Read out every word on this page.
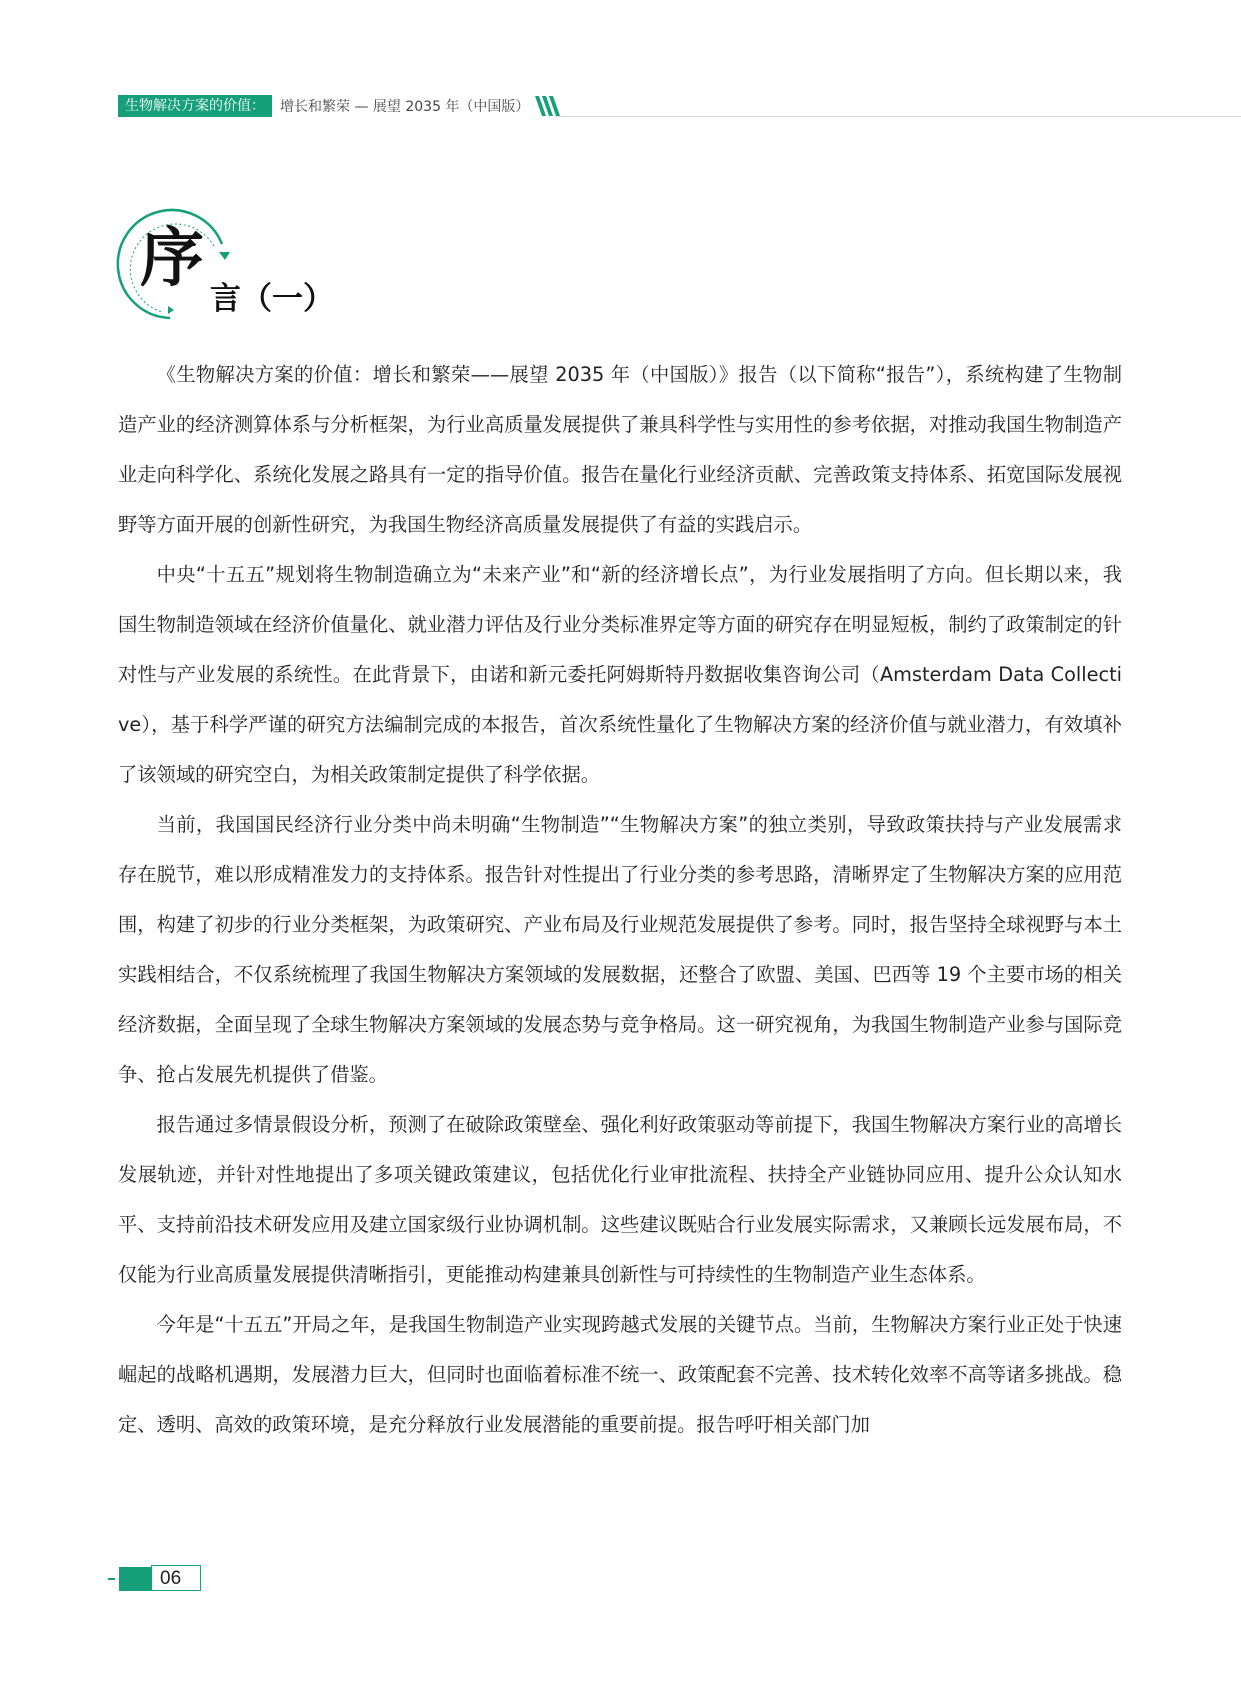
生物解决方案的价值：	增长和繁荣 — 展望 2035 年（中国版）
序
言（一）

《生物解决方案的价值：增长和繁荣——展望 2035 年（中国版）》报告（以下简称“报告”），系统构建了生物制造产业的经济测算体系与分析框架，为行业高质量发展提供了兼具科学性与实用性的参考依据，对推动我国生物制造产业走向科学化、系统化发展之路具有一定的指导价值。报告在量化行业经济贡献、完善政策支持体系、拓宽国际发展视野等方面开展的创新性研究，为我国生物经济高质量发展提供了有益的实践启示。

中央“十五五”规划将生物制造确立为“未来产业”和“新的经济增长点”，为行业发展指明了方向。但长期以来，我国生物制造领域在经济价值量化、就业潜力评估及行业分类标准界定等方面的研究存在明显短板，制约了政策制定的针对性与产业发展的系统性。在此背景下，由诺和新元委托阿姆斯特丹数据收集咨询公司（Amsterdam Data Collective），基于科学严谨的研究方法编制完成的本报告，首次系统性量化了生物解决方案的经济价值与就业潜力，有效填补了该领域的研究空白，为相关政策制定提供了科学依据。

当前，我国国民经济行业分类中尚未明确“生物制造”“生物解决方案”的独立类别，导致政策扶持与产业发展需求存在脱节，难以形成精准发力的支持体系。报告针对性提出了行业分类的参考思路，清晰界定了生物解决方案的应用范围，构建了初步的行业分类框架，为政策研究、产业布局及行业规范发展提供了参考。同时，报告坚持全球视野与本土实践相结合，不仅系统梳理了我国生物解决方案领域的发展数据，还整合了欧盟、美国、巴西等 19 个主要市场的相关经济数据，全面呈现了全球生物解决方案领域的发展态势与竞争格局。这一研究视角，为我国生物制造产业参与国际竞争、抢占发展先机提供了借鉴。

报告通过多情景假设分析，预测了在破除政策壁垒、强化利好政策驱动等前提下，我国生物解决方案行业的高增长发展轨迹，并针对性地提出了多项关键政策建议，包括优化行业审批流程、扶持全产业链协同应用、提升公众认知水平、支持前沿技术研发应用及建立国家级行业协调机制。这些建议既贴合行业发展实际需求，又兼顾长远发展布局，不仅能为行业高质量发展提供清晰指引，更能推动构建兼具创新性与可持续性的生物制造产业生态体系。

今年是“十五五”开局之年，是我国生物制造产业实现跨越式发展的关键节点。当前，生物解决方案行业正处于快速崛起的战略机遇期，发展潜力巨大，但同时也面临着标准不统一、政策配套不完善、技术转化效率不高等诸多挑战。稳定、透明、高效的政策环境，是充分释放行业发展潜能的重要前提。报告呼吁相关部门加

06
